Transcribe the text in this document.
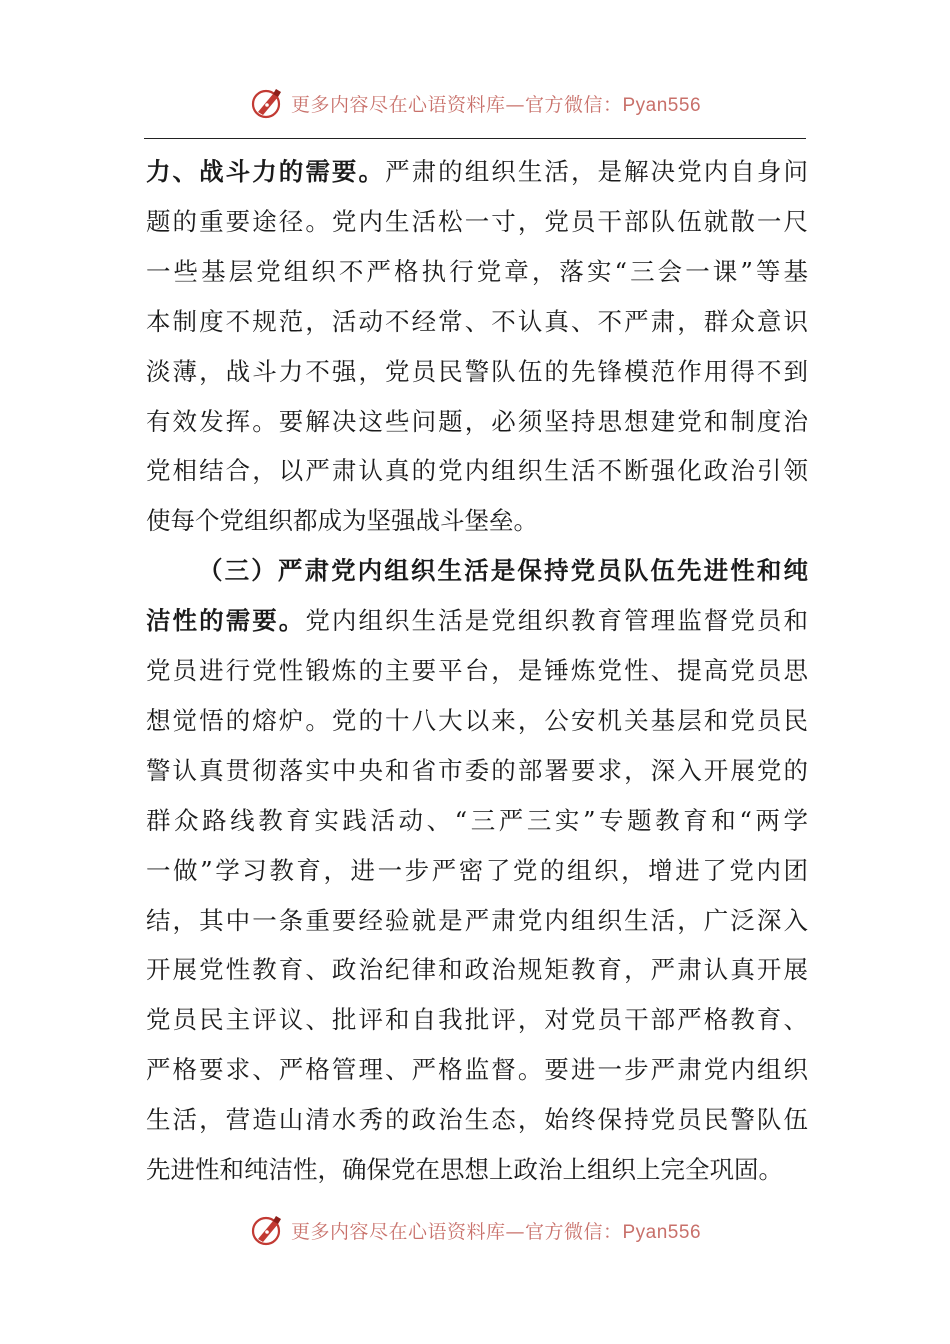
更多内容尽在心语资料库—官方微信：Pyan556
力、战斗力的需要。严肃的组织生活，是解决党内自身问
题的重要途径。党内生活松一寸，党员干部队伍就散一尺
一些基层党组织不严格执行党章，落实“三会一课”等基
本制度不规范，活动不经常、不认真、不严肃，群众意识
淡薄，战斗力不强，党员民警队伍的先锋模范作用得不到
有效发挥。要解决这些问题，必须坚持思想建党和制度治
党相结合，以严肃认真的党内组织生活不断强化政治引领
使每个党组织都成为坚强战斗堡垒。
（三）严肃党内组织生活是保持党员队伍先进性和纯
洁性的需要。党内组织生活是党组织教育管理监督党员和
党员进行党性锻炼的主要平台，是锤炼党性、提高党员思
想觉悟的熔炉。党的十八大以来，公安机关基层和党员民
警认真贯彻落实中央和省市委的部署要求，深入开展党的
群众路线教育实践活动、“三严三实”专题教育和“两学
一做”学习教育，进一步严密了党的组织，增进了党内团
结，其中一条重要经验就是严肃党内组织生活，广泛深入
开展党性教育、政治纪律和政治规矩教育，严肃认真开展
党员民主评议、批评和自我批评，对党员干部严格教育、
严格要求、严格管理、严格监督。要进一步严肃党内组织
生活，营造山清水秀的政治生态，始终保持党员民警队伍
先进性和纯洁性，确保党在思想上政治上组织上完全巩固。
更多内容尽在心语资料库—官方微信：Pyan556
